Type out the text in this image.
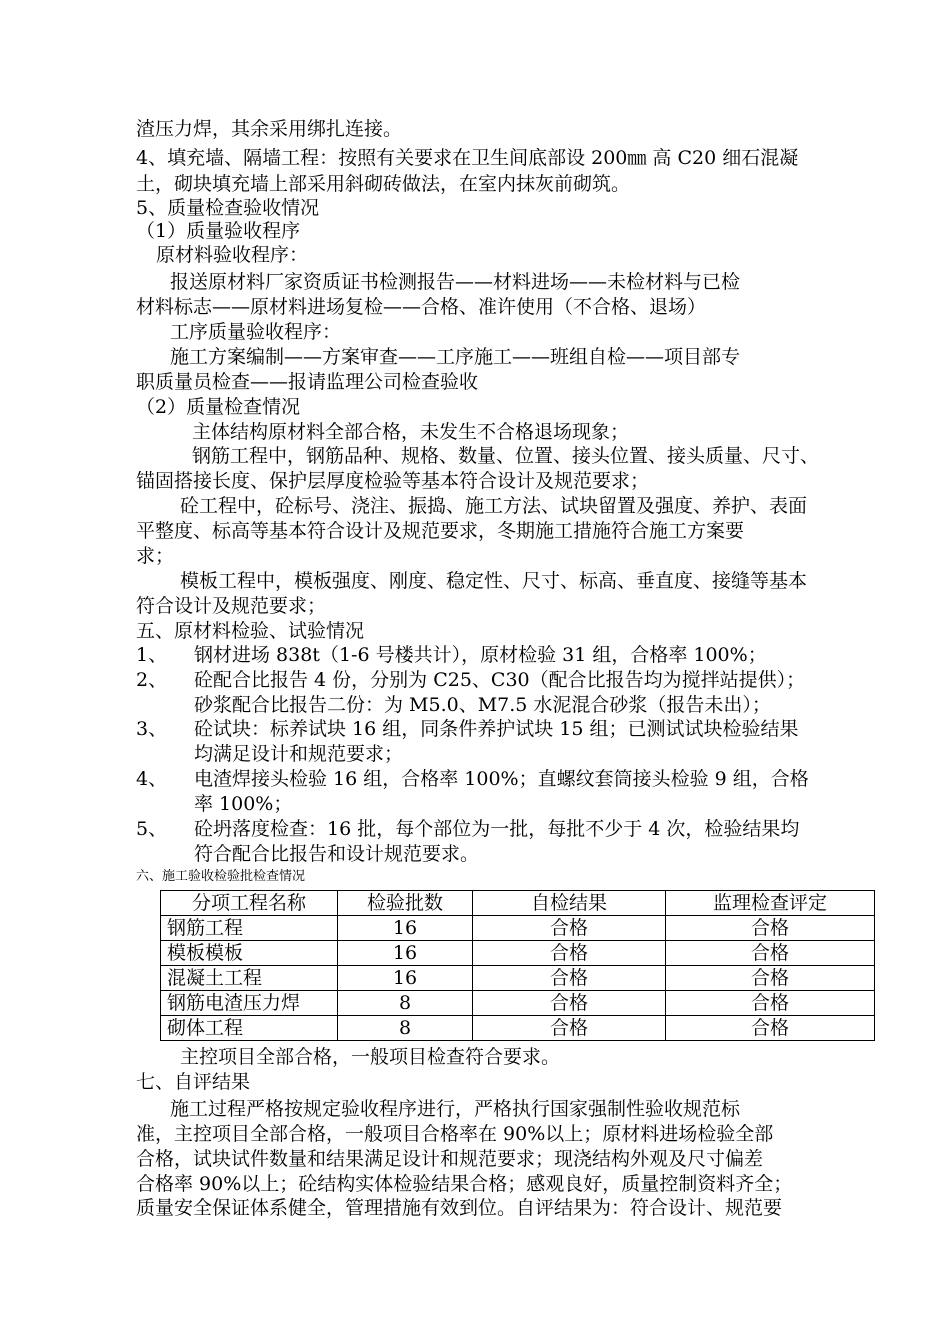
渣压力焊，其余采用绑扎连接。
4、填充墙、隔墙工程：按照有关要求在卫生间底部设 200㎜ 高 C20 细石混凝
土，砌块填充墙上部采用斜砌砖做法，在室内抹灰前砌筑。
5、质量检查验收情况
（1）质量验收程序
原材料验收程序：
报送原材料厂家资质证书检测报告——材料进场——未检材料与已检
材料标志——原材料进场复检——合格、准许使用（不合格、退场）
工序质量验收程序：
施工方案编制——方案审查——工序施工——班组自检——项目部专
职质量员检查——报请监理公司检查验收
（2）质量检查情况
主体结构原材料全部合格，未发生不合格退场现象；
钢筋工程中，钢筋品种、规格、数量、位置、接头位置、接头质量、尺寸、
锚固搭接长度、保护层厚度检验等基本符合设计及规范要求；
砼工程中，砼标号、浇注、振捣、施工方法、试块留置及强度、养护、表面
平整度、标高等基本符合设计及规范要求，冬期施工措施符合施工方案要
求；
模板工程中，模板强度、刚度、稳定性、尺寸、标高、垂直度、接缝等基本
符合设计及规范要求；
五、原材料检验、试验情况
1、 钢材进场 838t（1-6 号楼共计），原材检验 31 组，合格率 100%；
2、 砼配合比报告 4 份，分别为 C25、C30（配合比报告均为搅拌站提供）；
砂浆配合比报告二份：为 M5.0、M7.5 水泥混合砂浆（报告未出）；
3、 砼试块：标养试块 16 组，同条件养护试块 15 组；已测试试块检验结果
均满足设计和规范要求；
4、 电渣焊接头检验 16 组，合格率 100%；直螺纹套筒接头检验 9 组，合格
率 100%；
5、 砼坍落度检查：16 批，每个部位为一批，每批不少于 4 次，检验结果均
符合配合比报告和设计规范要求。
六、施工验收检验批检查情况
分项工程名称	检验批数	自检结果	监理检查评定
钢筋工程	16	合格	合格
模板模板	16	合格	合格
混凝土工程	16	合格	合格
钢筋电渣压力焊	8	合格	合格
砌体工程	8	合格	合格
主控项目全部合格，一般项目检查符合要求。
七、自评结果
施工过程严格按规定验收程序进行，严格执行国家强制性验收规范标
准，主控项目全部合格，一般项目合格率在 90%以上；原材料进场检验全部
合格，试块试件数量和结果满足设计和规范要求；现浇结构外观及尺寸偏差
合格率 90%以上；砼结构实体检验结果合格；感观良好，质量控制资料齐全；
质量安全保证体系健全，管理措施有效到位。自评结果为：符合设计、规范要
